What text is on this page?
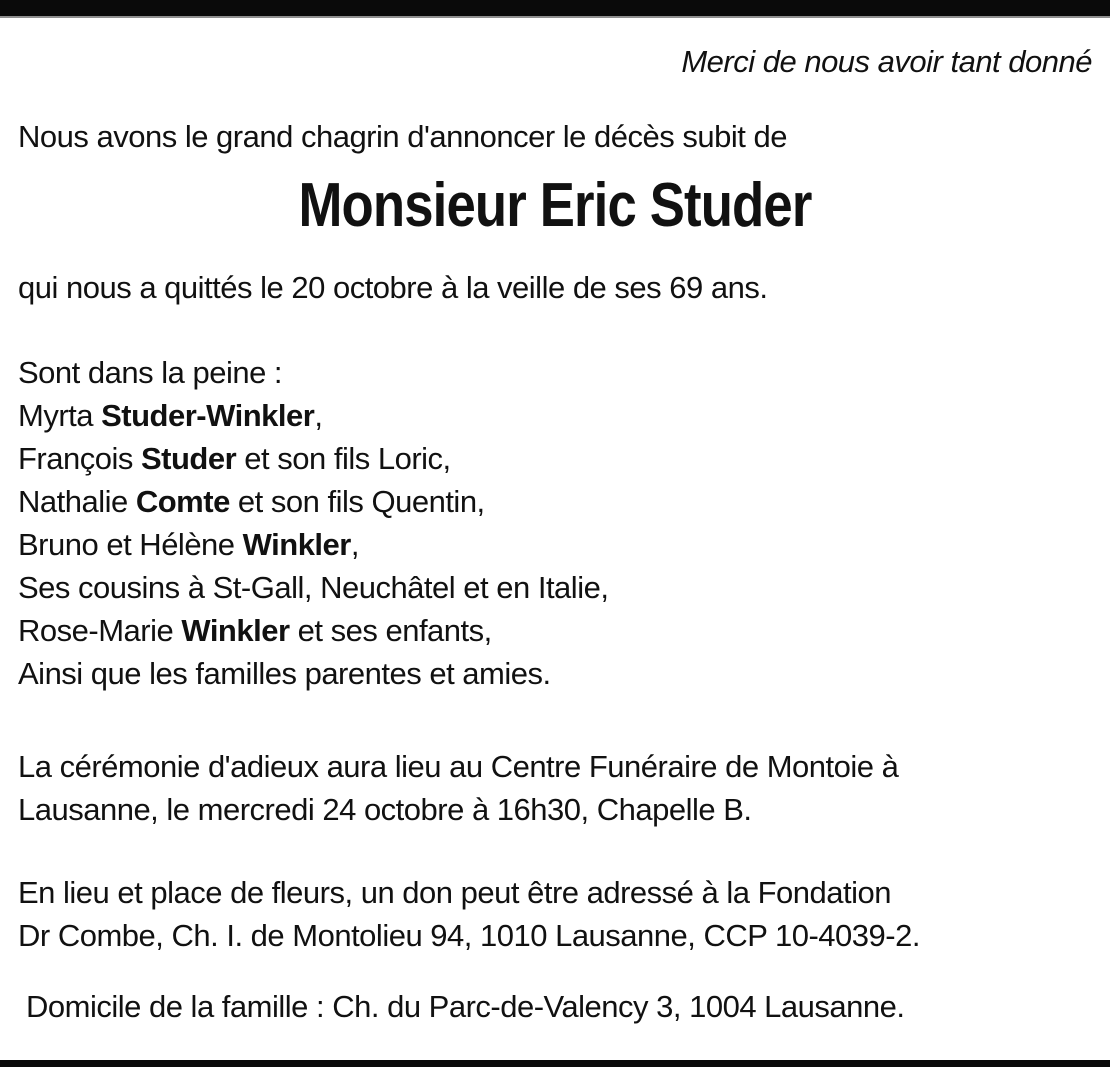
Merci de nous avoir tant donné

Nous avons le grand chagrin d'annoncer le décès subit de

Monsieur Eric Studer

qui nous a quittés le 20 octobre à la veille de ses 69 ans.

Sont dans la peine :

Myrta Studer-Winkler,

François Studer et son fils Loric,

Nathalie Comte et son fils Quentin,

Bruno et Hélène Winkler,

Ses cousins à St-Gall, Neuchâtel et en Italie,

Rose-Marie Winkler et ses enfants,

Ainsi que les familles parentes et amies.

La cérémonie d'adieux aura lieu au Centre Funéraire de Montoie à
Lausanne, le mercredi 24 octobre à 16h30, Chapelle B.

En lieu et place de fleurs, un don peut être adressé à la Fondation
Dr Combe, Ch. I. de Montolieu 94, 1010 Lausanne, CCP 10-4039-2.

Domicile de la famille : Ch. du Parc-de-Valency 3, 1004 Lausanne.
